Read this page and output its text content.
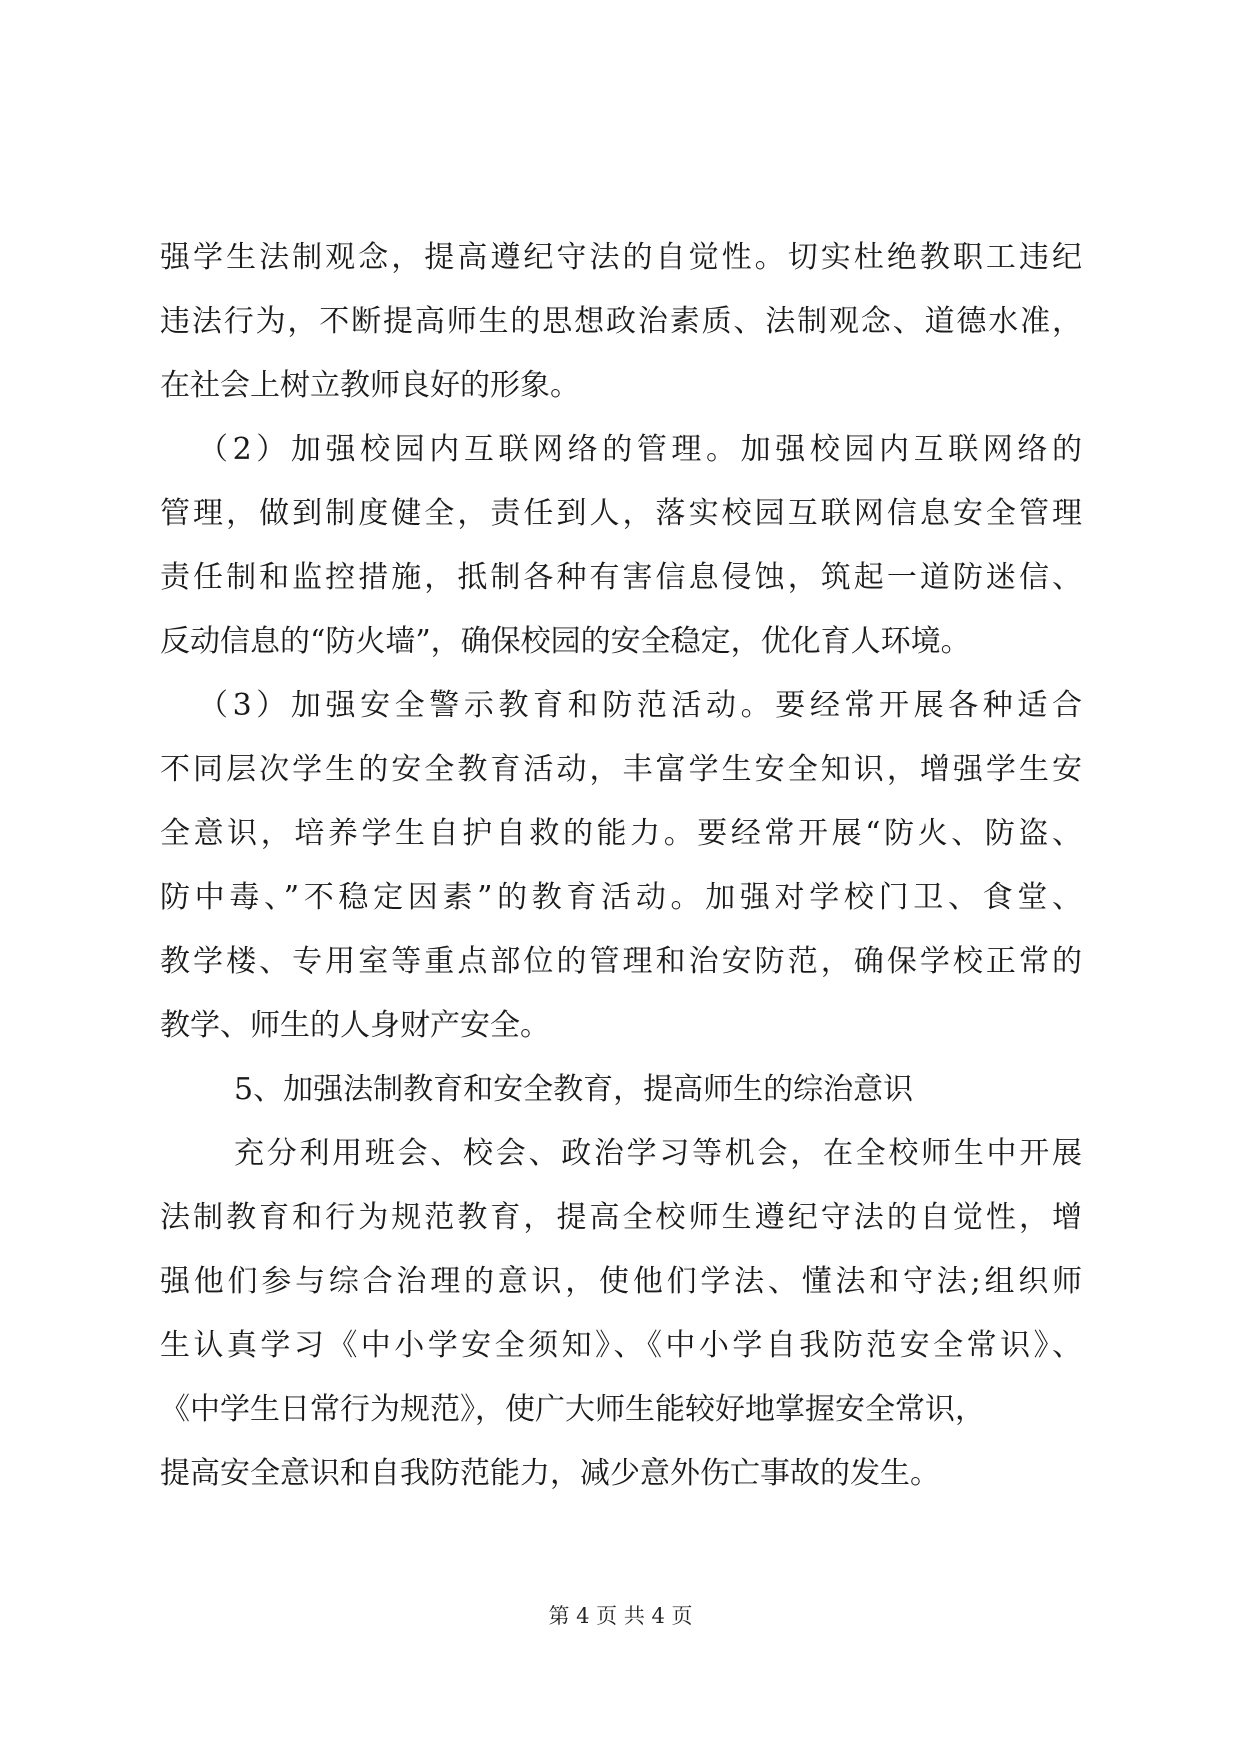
强学生法制观念，提高遵纪守法的自觉性。切实杜绝教职工违纪
违法行为，不断提高师生的思想政治素质、法制观念、道德水准，
在社会上树立教师良好的形象。
（2）加强校园内互联网络的管理。加强校园内互联网络的
管理，做到制度健全，责任到人，落实校园互联网信息安全管理
责任制和监控措施，抵制各种有害信息侵蚀，筑起一道防迷信、
反动信息的“防火墙”，确保校园的安全稳定，优化育人环境。
（3）加强安全警示教育和防范活动。要经常开展各种适合
不同层次学生的安全教育活动，丰富学生安全知识，增强学生安
全意识，培养学生自护自救的能力。要经常开展“防火、防盗、
防中毒、”不稳定因素”的教育活动。加强对学校门卫、食堂、
教学楼、专用室等重点部位的管理和治安防范，确保学校正常的
教学、师生的人身财产安全。
5、加强法制教育和安全教育，提高师生的综治意识
充分利用班会、校会、政治学习等机会，在全校师生中开展
法制教育和行为规范教育，提高全校师生遵纪守法的自觉性，增
强他们参与综合治理的意识，使他们学法、懂法和守法;组织师
生认真学习《中小学安全须知》、《中小学自我防范安全常识》、
《中学生日常行为规范》，使广大师生能较好地掌握安全常识，
提高安全意识和自我防范能力，减少意外伤亡事故的发生。
第 4 页 共 4 页
